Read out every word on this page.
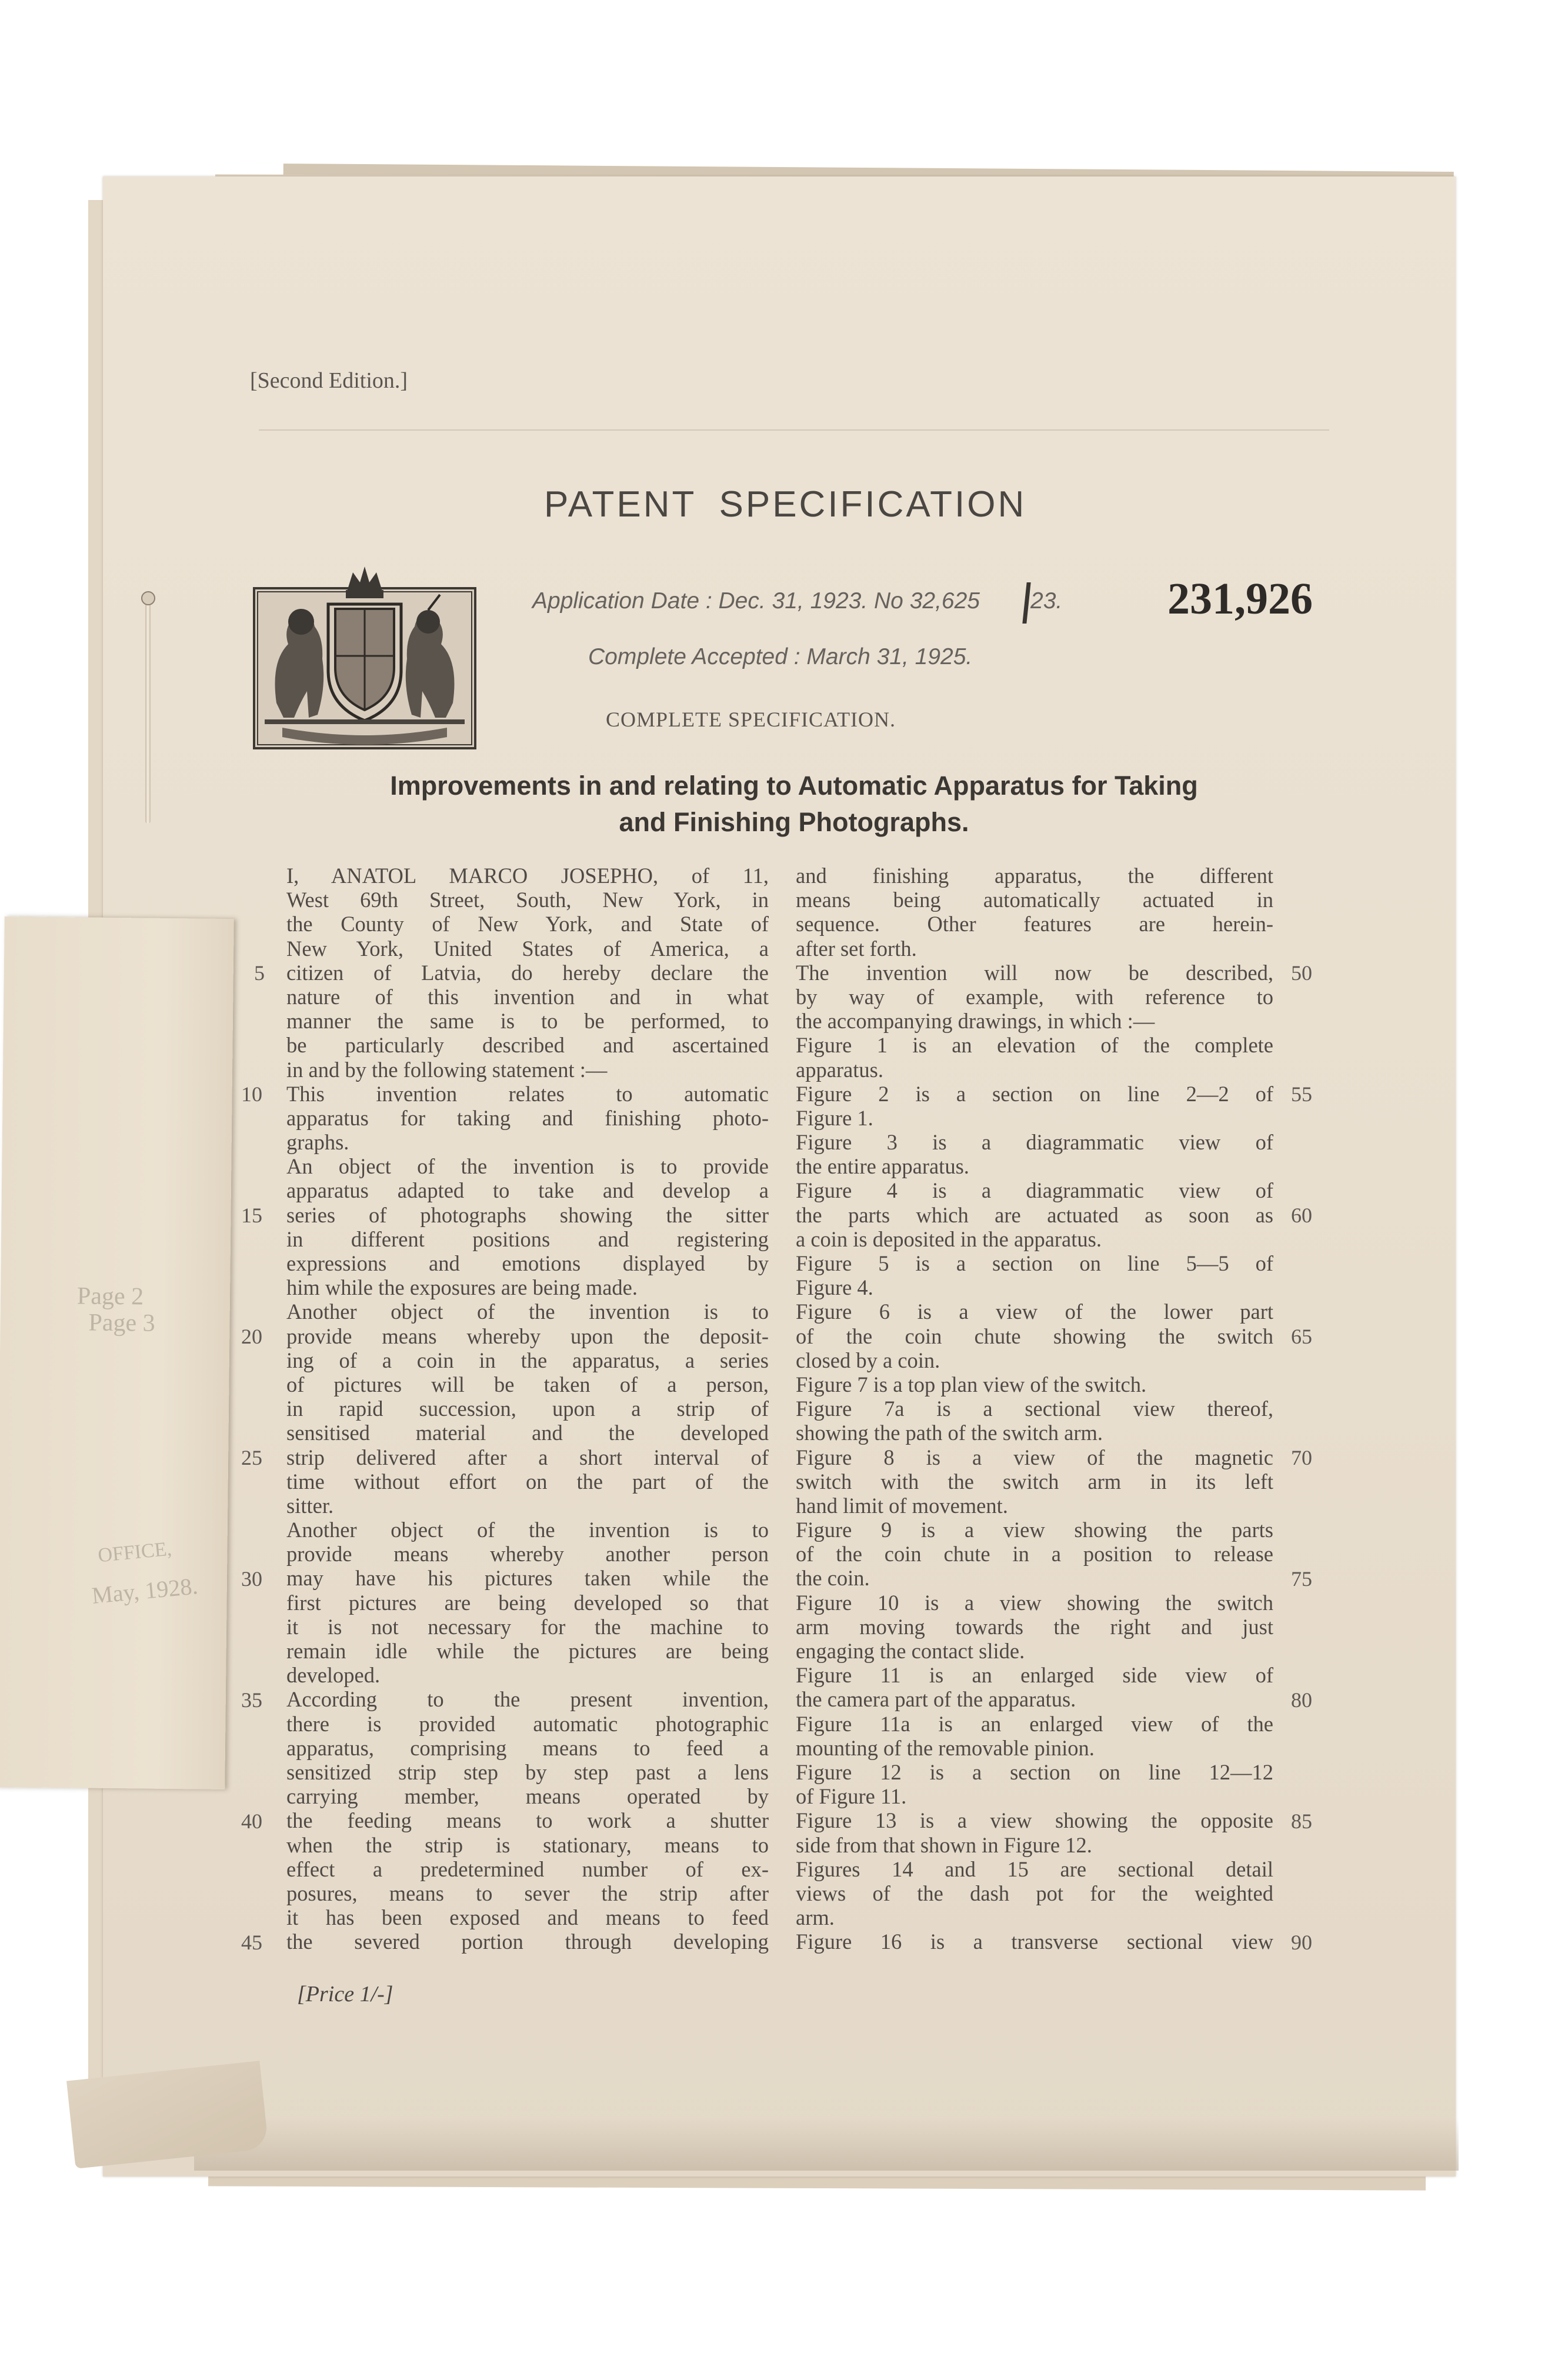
[Second Edition.]
PATENT SPECIFICATION
Application Date : Dec. 31, 1923. No 32,625 23. 231,926
Complete Accepted : March 31, 1925.
COMPLETE SPECIFICATION.
Improvements in and relating to Automatic Apparatus for Taking
and Finishing Photographs.
I, ANATOL MARCO JOSEPHO, of 11,
West 69th Street, South, New York, in
the County of New York, and State of
New York, United States of America, a
citizen of Latvia, do hereby declare the
nature of this invention and in what
manner the same is to be performed, to
be particularly described and ascertained
in and by the following statement :—
This invention relates to automatic
apparatus for taking and finishing photo-
graphs.
An object of the invention is to provide
apparatus adapted to take and develop a
series of photographs showing the sitter
in different positions and registering
expressions and emotions displayed by
him while the exposures are being made.
Another object of the invention is to
provide means whereby upon the deposit-
ing of a coin in the apparatus, a series
of pictures will be taken of a person,
in rapid succession, upon a strip of
sensitised material and the developed
strip delivered after a short interval of
time without effort on the part of the
sitter.
Another object of the invention is to
provide means whereby another person
may have his pictures taken while the
first pictures are being developed so that
it is not necessary for the machine to
remain idle while the pictures are being
developed.
According to the present invention,
there is provided automatic photographic
apparatus, comprising means to feed a
sensitized strip step by step past a lens
carrying member, means operated by
the feeding means to work a shutter
when the strip is stationary, means to
effect a predetermined number of ex-
posures, means to sever the strip after
it has been exposed and means to feed
the severed portion through developing
and finishing apparatus, the different
means being automatically actuated in
sequence. Other features are herein-
after set forth.
The invention will now be described,
by way of example, with reference to
the accompanying drawings, in which :—
Figure 1 is an elevation of the complete
apparatus.
Figure 2 is a section on line 2—2 of
Figure 1.
Figure 3 is a diagrammatic view of
the entire apparatus.
Figure 4 is a diagrammatic view of
the parts which are actuated as soon as
a coin is deposited in the apparatus.
Figure 5 is a section on line 5—5 of
Figure 4.
Figure 6 is a view of the lower part
of the coin chute showing the switch
closed by a coin.
Figure 7 is a top plan view of the switch.
Figure 7a is a sectional view thereof,
showing the path of the switch arm.
Figure 8 is a view of the magnetic
switch with the switch arm in its left
hand limit of movement.
Figure 9 is a view showing the parts
of the coin chute in a position to release
the coin.
Figure 10 is a view showing the switch
arm moving towards the right and just
engaging the contact slide.
Figure 11 is an enlarged side view of
the camera part of the apparatus.
Figure 11a is an enlarged view of the
mounting of the removable pinion.
Figure 12 is a section on line 12—12
of Figure 11.
Figure 13 is a view showing the opposite
side from that shown in Figure 12.
Figures 14 and 15 are sectional detail
views of the dash pot for the weighted
arm.
Figure 16 is a transverse sectional view
5
10
15
20
25
30
35
40
45
50
55
60
65
70
75
80
85
90
[Price 1/-]
Page 2
Page 3
OFFICE,
May, 1928.
